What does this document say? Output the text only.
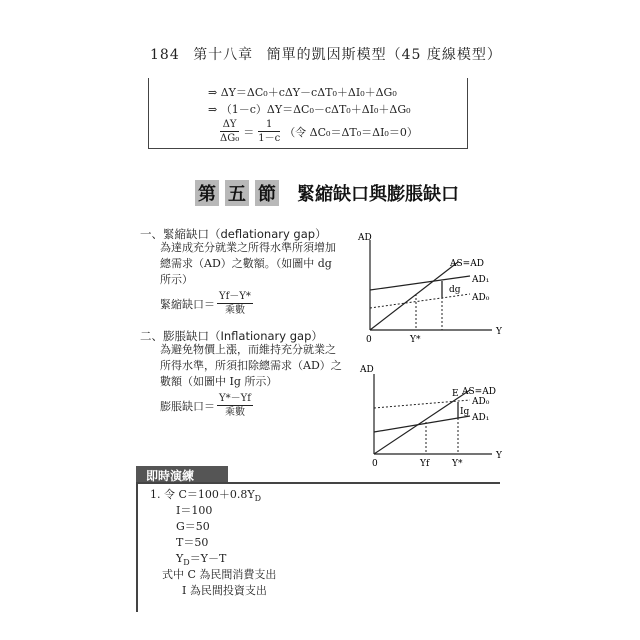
184 第十八章 簡單的凱因斯模型（45 度線模型）
⇒ ΔY＝ΔC₀＋cΔY－cΔT₀＋ΔI₀＋ΔG₀
⇒ （1－c）ΔY＝ΔC₀－cΔT₀＋ΔI₀＋ΔG₀
$\frac{\Delta Y}{\text{ΔG₀}} = \frac{1}{1-c}$ （令 ΔC₀＝ΔT₀＝ΔI₀＝0）
第 五 節 緊縮缺口與膨脹缺口
一、緊縮缺口（deflationary gap）
為達成充分就業之所得水準所須增加
總需求（AD）之數額。（如圖中 dg
所示）
緊縮缺口＝ $\frac{Yf-Y*}{\text{乘數}}$
二、膨脹缺口（Inflationary gap）
為避免物價上漲，而維持充分就業之
所得水準，所須扣除總需求（AD）之
數額（如圖中 Ig 所示）
膨脹缺口＝ $\frac{Y*-Yf}{\text{乘數}}$
AD
Y
0
AS=AD
AD₁
AD₀
dg
Y*
AD
Y
0
E AS=AD
AD₀
AD₁
Ig
Yf	Y*
即時演練
1. 令 $C=100+0.8Y_D$
I＝100
G＝50
T＝50
$Y_D=Y-T$
式中 C 為民間消費支出
I 為民間投資支出
